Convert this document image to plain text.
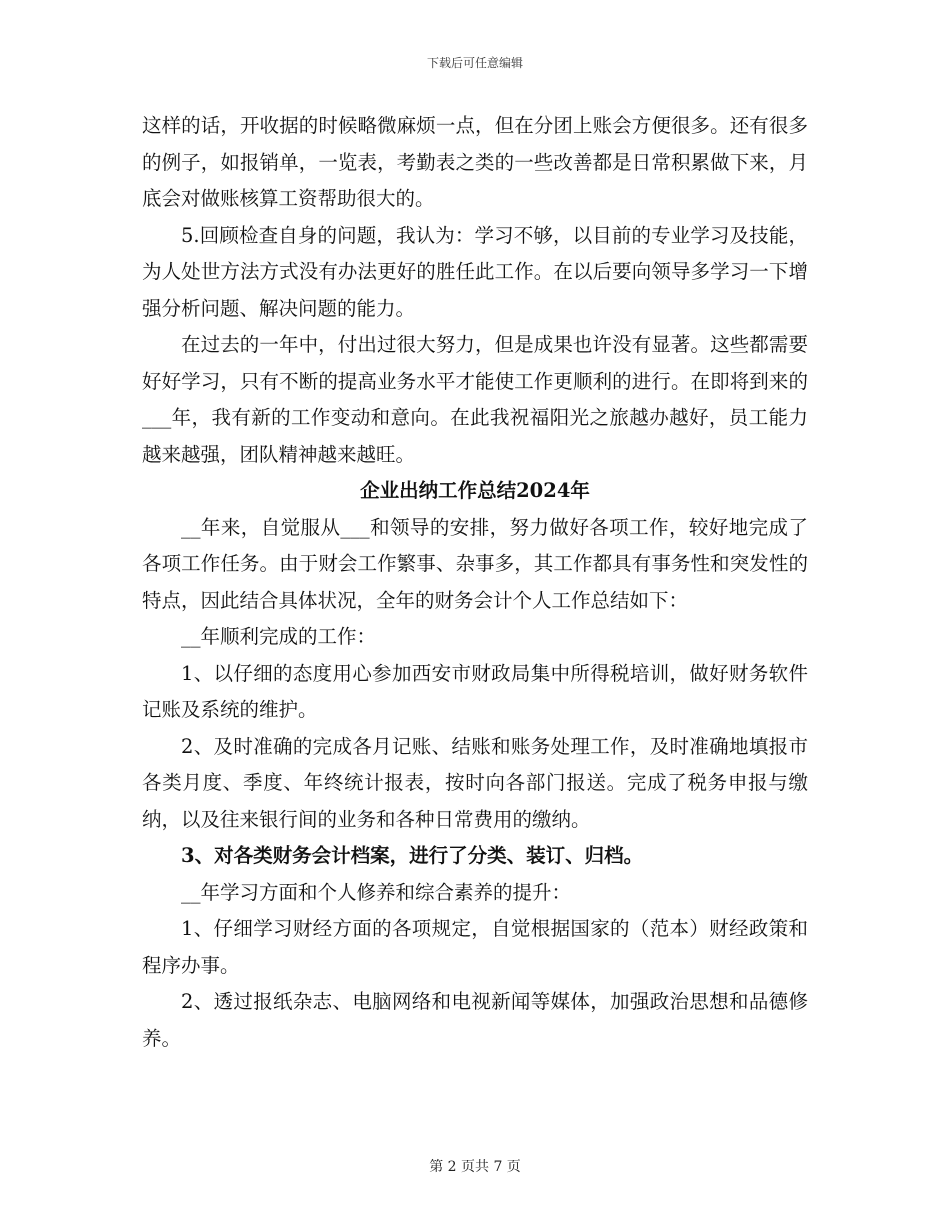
下载后可任意编辑

这样的话，开收据的时候略微麻烦一点，但在分团上账会方便很多。还有很多的例子，如报销单，一览表，考勤表之类的一些改善都是日常积累做下来，月底会对做账核算工资帮助很大的。

5.回顾检查自身的问题，我认为：学习不够，以目前的专业学习及技能，为人处世方法方式没有办法更好的胜任此工作。在以后要向领导多学习一下增强分析问题、解决问题的能力。

在过去的一年中，付出过很大努力，但是成果也许没有显著。这些都需要好好学习，只有不断的提高业务水平才能使工作更顺利的进行。在即将到来的___年，我有新的工作变动和意向。在此我祝福阳光之旅越办越好，员工能力越来越强，团队精神越来越旺。

企业出纳工作总结2024年

__年来，自觉服从___和领导的安排，努力做好各项工作，较好地完成了各项工作任务。由于财会工作繁事、杂事多，其工作都具有事务性和突发性的特点，因此结合具体状况，全年的财务会计个人工作总结如下：

__年顺利完成的工作：

1、以仔细的态度用心参加西安市财政局集中所得税培训，做好财务软件记账及系统的维护。

2、及时准确的完成各月记账、结账和账务处理工作，及时准确地填报市各类月度、季度、年终统计报表，按时向各部门报送。完成了税务申报与缴纳，以及往来银行间的业务和各种日常费用的缴纳。

3、对各类财务会计档案，进行了分类、装订、归档。

__年学习方面和个人修养和综合素养的提升：

1、仔细学习财经方面的各项规定，自觉根据国家的（范本）财经政策和程序办事。

2、透过报纸杂志、电脑网络和电视新闻等媒体，加强政治思想和品德修养。

第 2 页共 7 页
